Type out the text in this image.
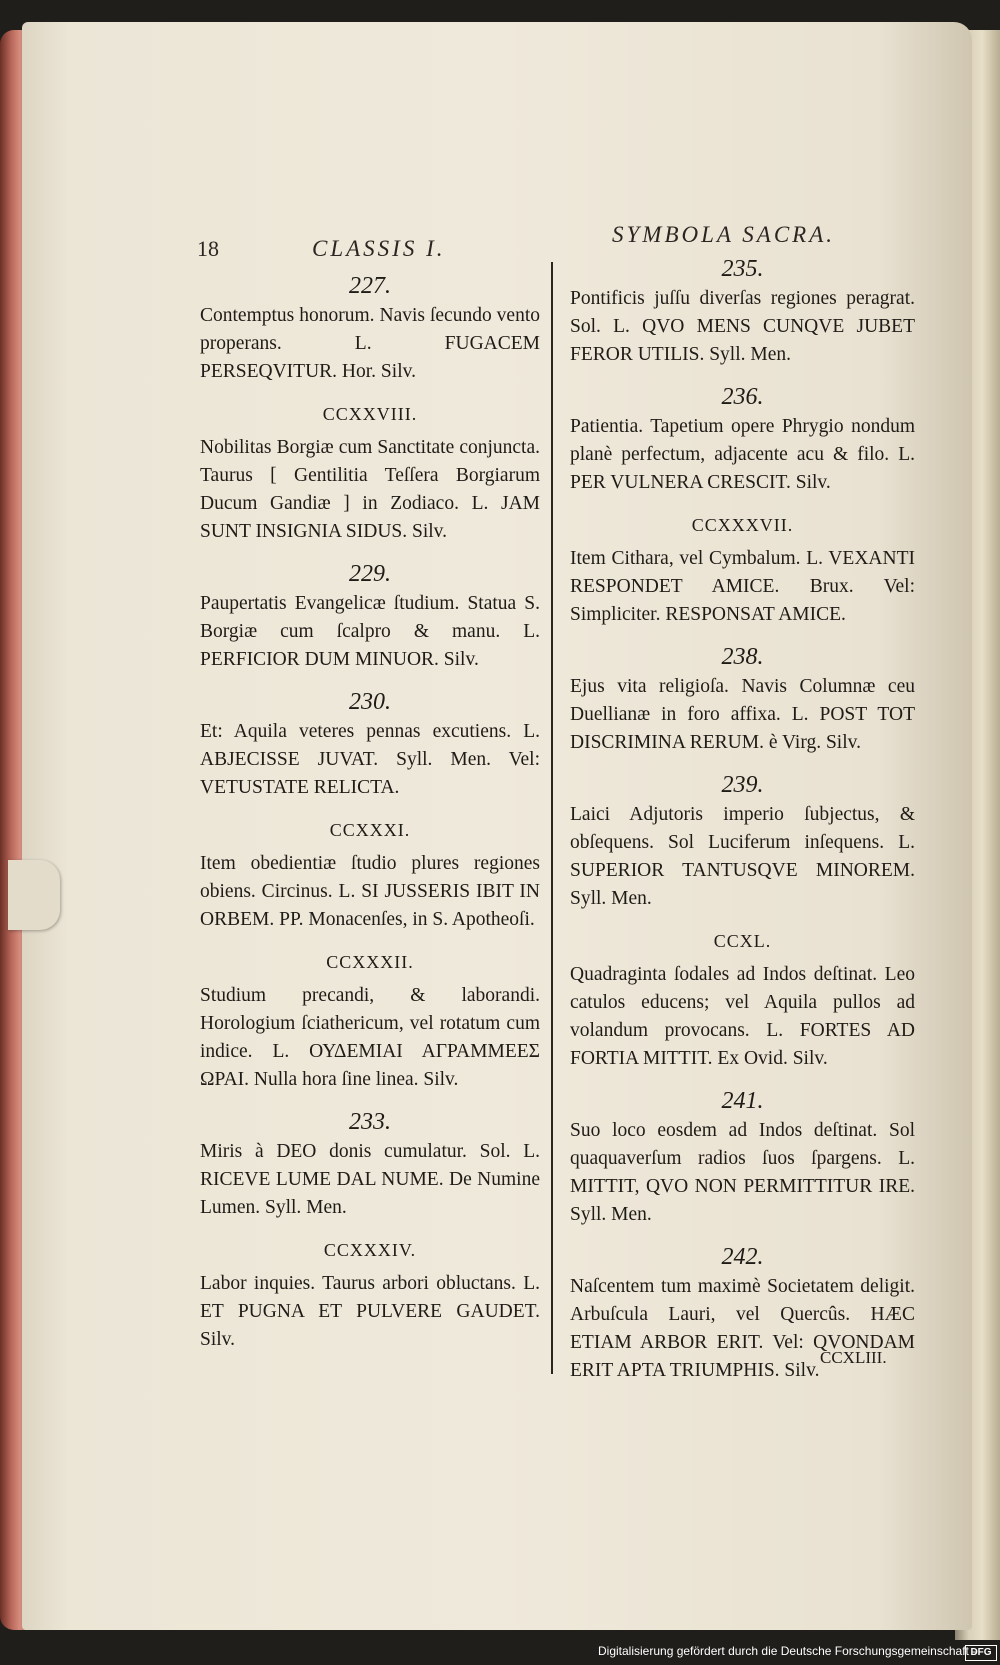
18	CLASSIS I.
SYMBOLA SACRA.
227.
Contemptus honorum. Navis ſecundo vento properans. L. FUGACEM PERSEQVITUR. Hor. Silv.
CCXXVIII.
Nobilitas Borgiæ cum Sanctitate conjuncta. Taurus [ Gentilitia Teſſera Borgiarum Ducum Gandiæ ] in Zodiaco. L. JAM SUNT INSIGNIA SIDUS. Silv.
229.
Paupertatis Evangelicæ ſtudium. Statua S. Borgiæ cum ſcalpro & manu. L. PERFICIOR DUM MINUOR. Silv.
230.
Et: Aquila veteres pennas excutiens. L. ABJECISSE JUVAT. Syll. Men. Vel: VETUSTATE RELICTA.
CCXXXI.
Item obedientiæ ſtudio plures regiones obiens. Circinus. L. SI JUSSERIS IBIT IN ORBEM. PP. Monacenſes, in S. Apotheoſi.
CCXXXII.
Studium precandi, & laborandi. Horologium ſciathericum, vel rotatum cum indice. L. ΟΥΔΕΜΙΑΙ ΑΓΡΑΜΜΕΕΣ ΩΡΑΙ. Nulla hora ſine linea. Silv.
233.
Miris à DEO donis cumulatur. Sol. L. RICEVE LUME DAL NUME. De Numine Lumen. Syll. Men.
CCXXXIV.
Labor inquies. Taurus arbori obluctans. L. ET PUGNA ET PULVERE GAUDET. Silv.
235.
Pontificis juſſu diverſas regiones peragrat. Sol. L. QVO MENS CUNQVE JUBET FEROR UTILIS. Syll. Men.
236.
Patientia. Tapetium opere Phrygio nondum planè perfectum, adjacente acu & filo. L. PER VULNERA CRESCIT. Silv.
CCXXXVII.
Item Cithara, vel Cymbalum. L. VEXANTI RESPONDET AMICE. Brux. Vel: Simpliciter. RESPONSAT AMICE.
238.
Ejus vita religioſa. Navis Columnæ ceu Duellianæ in foro affixa. L. POST TOT DISCRIMINA RERUM. è Virg. Silv.
239.
Laici Adjutoris imperio ſubjectus, & obſequens. Sol Luciferum inſequens. L. SUPERIOR TANTUSQVE MINOREM. Syll. Men.
CCXL.
Quadraginta ſodales ad Indos deſtinat. Leo catulos educens; vel Aquila pullos ad volandum provocans. L. FORTES AD FORTIA MITTIT. Ex Ovid. Silv.
241.
Suo loco eosdem ad Indos deſtinat. Sol quaquaverſum radios ſuos ſpargens. L. MITTIT, QVO NON PERMITTITUR IRE. Syll. Men.
242.
Naſcentem tum maximè Societatem deligit. Arbuſcula Lauri, vel Quercûs. HÆC ETIAM ARBOR ERIT. Vel: QVONDAM ERIT APTA TRIUMPHIS. Silv.
CCXLIII.
Digitalisierung gefördert durch die Deutsche Forschungsgemeinschaft -
DFG
